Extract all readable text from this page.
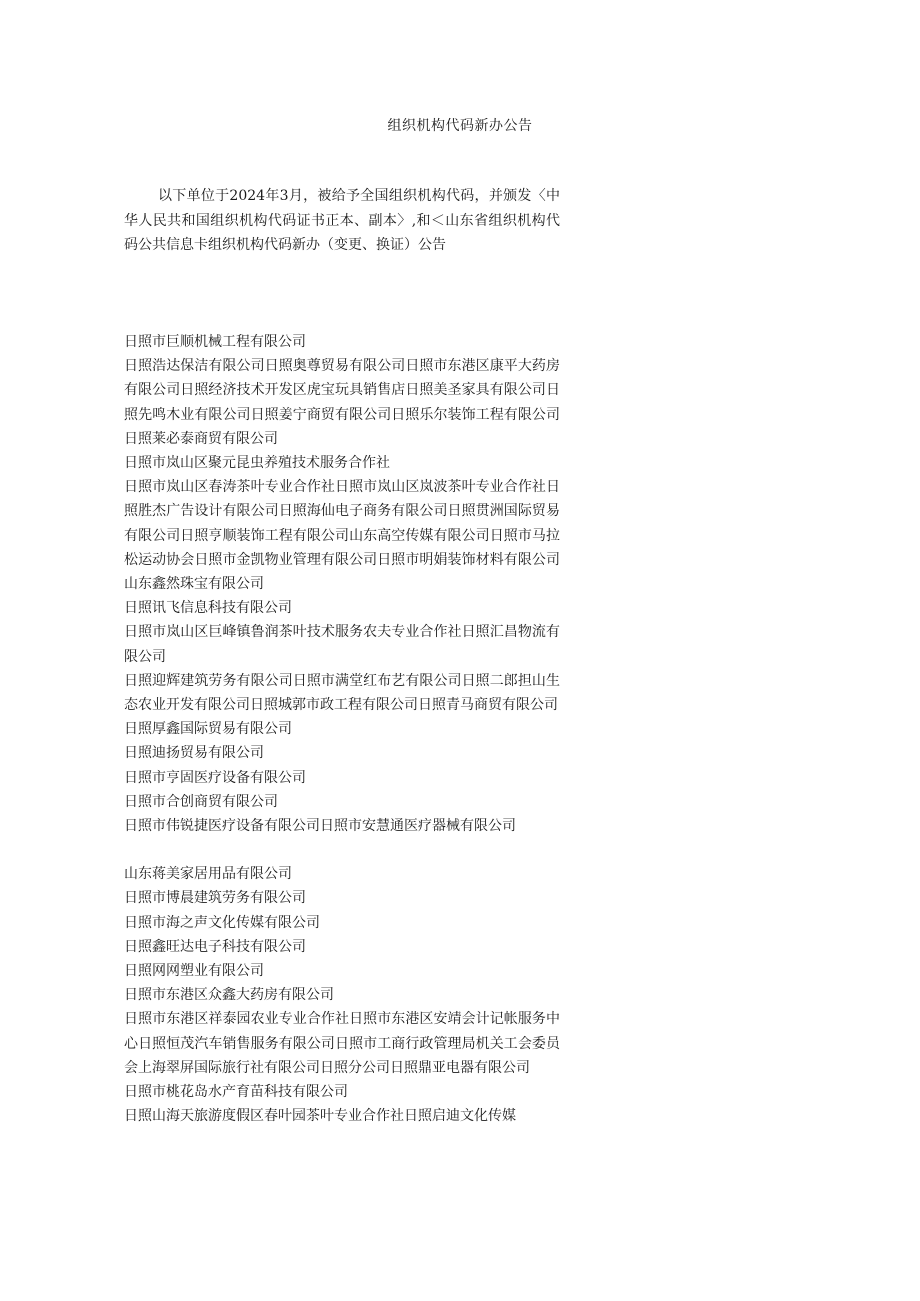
组织机构代码新办公告

以下单位于2024年3月，被给予全国组织机构代码，并颁发〈中华人民共和国组织机构代码证书正本、副本〉,和＜山东省组织机构代码公共信息卡组织机构代码新办（变更、换证）公告

日照市巨顺机械工程有限公司

日照浩达保洁有限公司日照奥尊贸易有限公司日照市东港区康平大药房有限公司日照经济技术开发区虎宝玩具销售店日照美圣家具有限公司日照先鸣木业有限公司日照姜宁商贸有限公司日照乐尔装饰工程有限公司日照莱必泰商贸有限公司

日照市岚山区聚元昆虫养殖技术服务合作社

日照市岚山区春涛茶叶专业合作社日照市岚山区岚波茶叶专业合作社日照胜杰广告设计有限公司日照海仙电子商务有限公司日照贯洲国际贸易有限公司日照亨顺装饰工程有限公司山东高空传媒有限公司日照市马拉松运动协会日照市金凯物业管理有限公司日照市明娟装饰材料有限公司山东鑫然珠宝有限公司

日照讯飞信息科技有限公司

日照市岚山区巨峰镇鲁润茶叶技术服务农夫专业合作社日照汇昌物流有限公司

日照迎辉建筑劳务有限公司日照市满堂红布艺有限公司日照二郎担山生态农业开发有限公司日照城郭市政工程有限公司日照青马商贸有限公司

日照厚鑫国际贸易有限公司

日照迪扬贸易有限公司

日照市亨固医疗设备有限公司

日照市合创商贸有限公司

日照市伟锐捷医疗设备有限公司日照市安慧通医疗器械有限公司

山东蒋美家居用品有限公司

日照市博晨建筑劳务有限公司

日照市海之声文化传媒有限公司

日照鑫旺达电子科技有限公司

日照网网塑业有限公司

日照市东港区众鑫大药房有限公司

日照市东港区祥泰园农业专业合作社日照市东港区安靖会计记帐服务中心日照恒茂汽车销售服务有限公司日照市工商行政管理局机关工会委员会上海翠屏国际旅行社有限公司日照分公司日照鼎亚电器有限公司

日照市桃花岛水产育苗科技有限公司

日照山海天旅游度假区春叶园茶叶专业合作社日照启迪文化传媒
